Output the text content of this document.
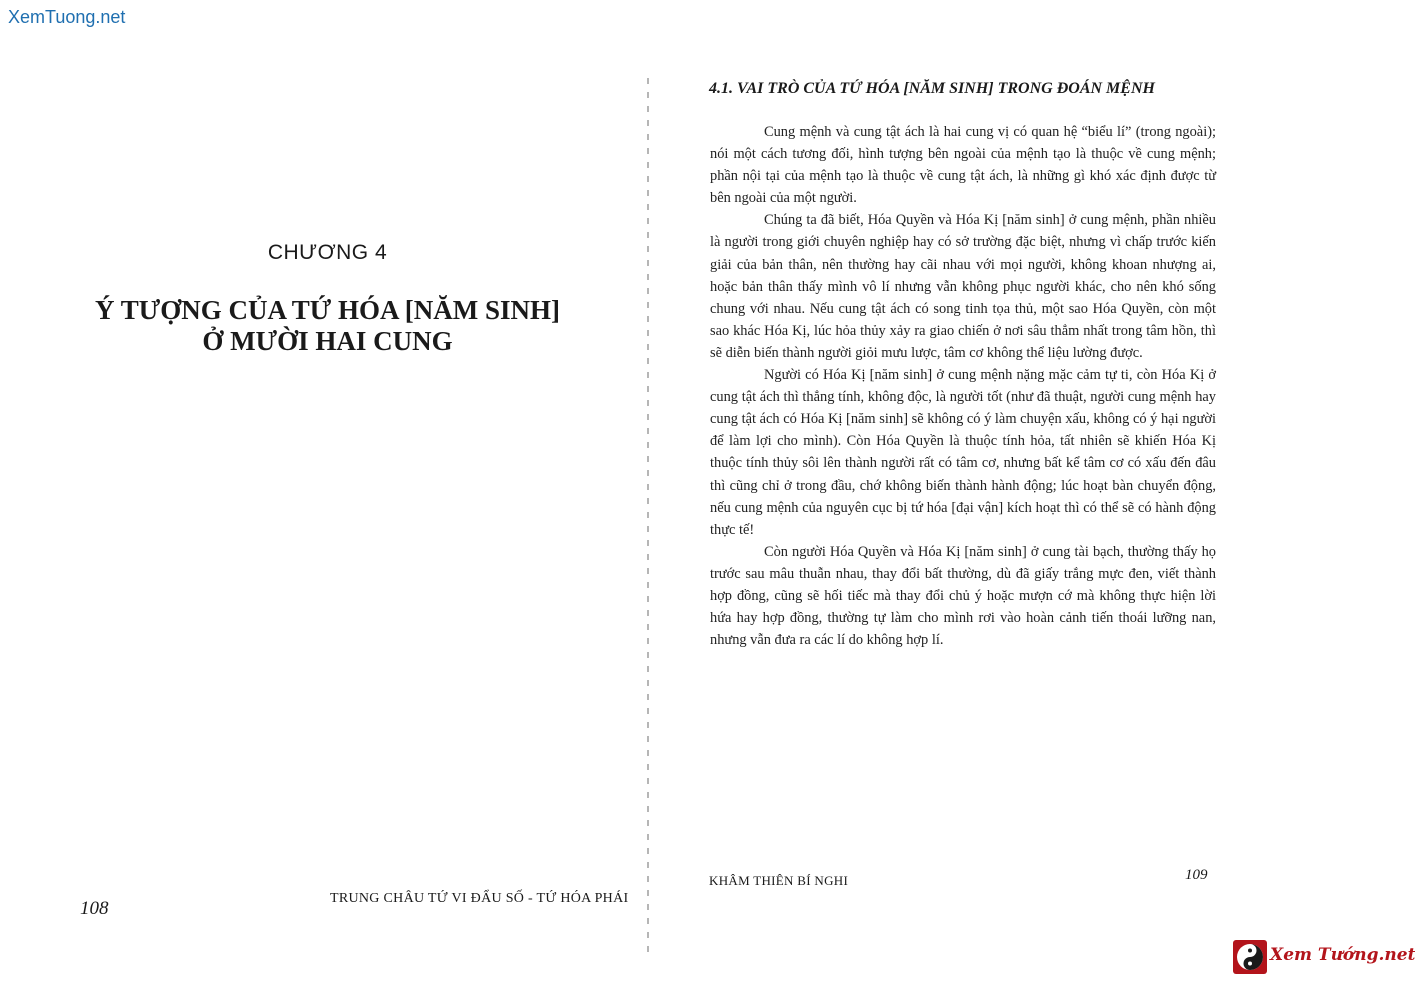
XemTuong.net
CHƯƠNG 4
Ý TƯỢNG CỦA TỨ HÓA [NĂM SINH]
Ở MƯỜI HAI CUNG
108	TRUNG CHÂU TỨ VI ĐẨU SỐ - TỨ HÓA PHÁI
4.1. VAI TRÒ CỦA TỨ HÓA [NĂM SINH] TRONG ĐOÁN MỆNH

Cung mệnh và cung tật ách là hai cung vị có quan hệ “biểu lí” (trong ngoài); nói một cách tương đối, hình tượng bên ngoài của mệnh tạo là thuộc về cung mệnh; phần nội tại của mệnh tạo là thuộc về cung tật ách, là những gì khó xác định được từ bên ngoài của một người.

Chúng ta đã biết, Hóa Quyền và Hóa Kị [năm sinh] ở cung mệnh, phần nhiều là người trong giới chuyên nghiệp hay có sở trường đặc biệt, nhưng vì chấp trước kiến giải của bản thân, nên thường hay cãi nhau với mọi người, không khoan nhượng ai, hoặc bản thân thấy mình vô lí nhưng vẫn không phục người khác, cho nên khó sống chung với nhau. Nếu cung tật ách có song tinh tọa thủ, một sao Hóa Quyền, còn một sao khác Hóa Kị, lúc hỏa thủy xảy ra giao chiến ở nơi sâu thẳm nhất trong tâm hồn, thì sẽ diễn biến thành người giỏi mưu lược, tâm cơ không thể liệu lường được.

Người có Hóa Kị [năm sinh] ở cung mệnh nặng mặc cảm tự ti, còn Hóa Kị ở cung tật ách thì thẳng tính, không độc, là người tốt (như đã thuật, người cung mệnh hay cung tật ách có Hóa Kị [năm sinh] sẽ không có ý làm chuyện xấu, không có ý hại người để làm lợi cho mình). Còn Hóa Quyền là thuộc tính hỏa, tất nhiên sẽ khiến Hóa Kị thuộc tính thủy sôi lên thành người rất có tâm cơ, nhưng bất kể tâm cơ có xấu đến đâu thì cũng chỉ ở trong đầu, chớ không biến thành hành động; lúc hoạt bàn chuyển động, nếu cung mệnh của nguyên cục bị tứ hóa [đại vận] kích hoạt thì có thể sẽ có hành động thực tế!

Còn người Hóa Quyền và Hóa Kị [năm sinh] ở cung tài bạch, thường thấy họ trước sau mâu thuẫn nhau, thay đổi bất thường, dù đã giấy trắng mực đen, viết thành hợp đồng, cũng sẽ hối tiếc mà thay đổi chủ ý hoặc mượn cớ mà không thực hiện lời hứa hay hợp đồng, thường tự làm cho mình rơi vào hoàn cảnh tiến thoái lưỡng nan, nhưng vẫn đưa ra các lí do không hợp lí.

KHÂM THIÊN BÍ NGHI	109
Xem Tướng.net
